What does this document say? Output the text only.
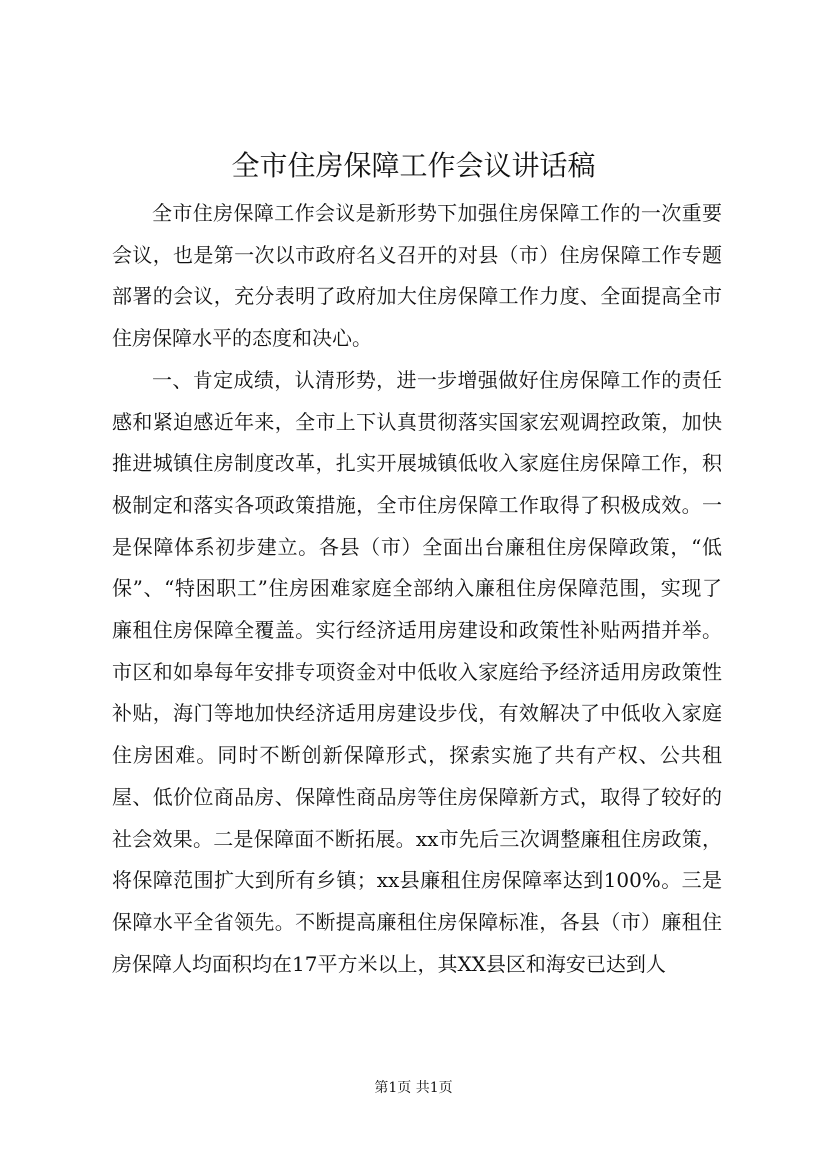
全市住房保障工作会议讲话稿

全市住房保障工作会议是新形势下加强住房保障工作的一次重要会议，也是第一次以市政府名义召开的对县（市）住房保障工作专题部署的会议，充分表明了政府加大住房保障工作力度、全面提高全市住房保障水平的态度和决心。

一、肯定成绩，认清形势，进一步增强做好住房保障工作的责任感和紧迫感近年来，全市上下认真贯彻落实国家宏观调控政策，加快推进城镇住房制度改革，扎实开展城镇低收入家庭住房保障工作，积极制定和落实各项政策措施，全市住房保障工作取得了积极成效。一是保障体系初步建立。各县（市）全面出台廉租住房保障政策，“低保”、“特困职工”住房困难家庭全部纳入廉租住房保障范围，实现了廉租住房保障全覆盖。实行经济适用房建设和政策性补贴两措并举。市区和如皋每年安排专项资金对中低收入家庭给予经济适用房政策性补贴，海门等地加快经济适用房建设步伐，有效解决了中低收入家庭住房困难。同时不断创新保障形式，探索实施了共有产权、公共租屋、低价位商品房、保障性商品房等住房保障新方式，取得了较好的社会效果。二是保障面不断拓展。xx市先后三次调整廉租住房政策，将保障范围扩大到所有乡镇；xx县廉租住房保障率达到100%。三是保障水平全省领先。不断提高廉租住房保障标准，各县（市）廉租住房保障人均面积均在17平方米以上，其XX县区和海安已达到人

第1页 共1页
